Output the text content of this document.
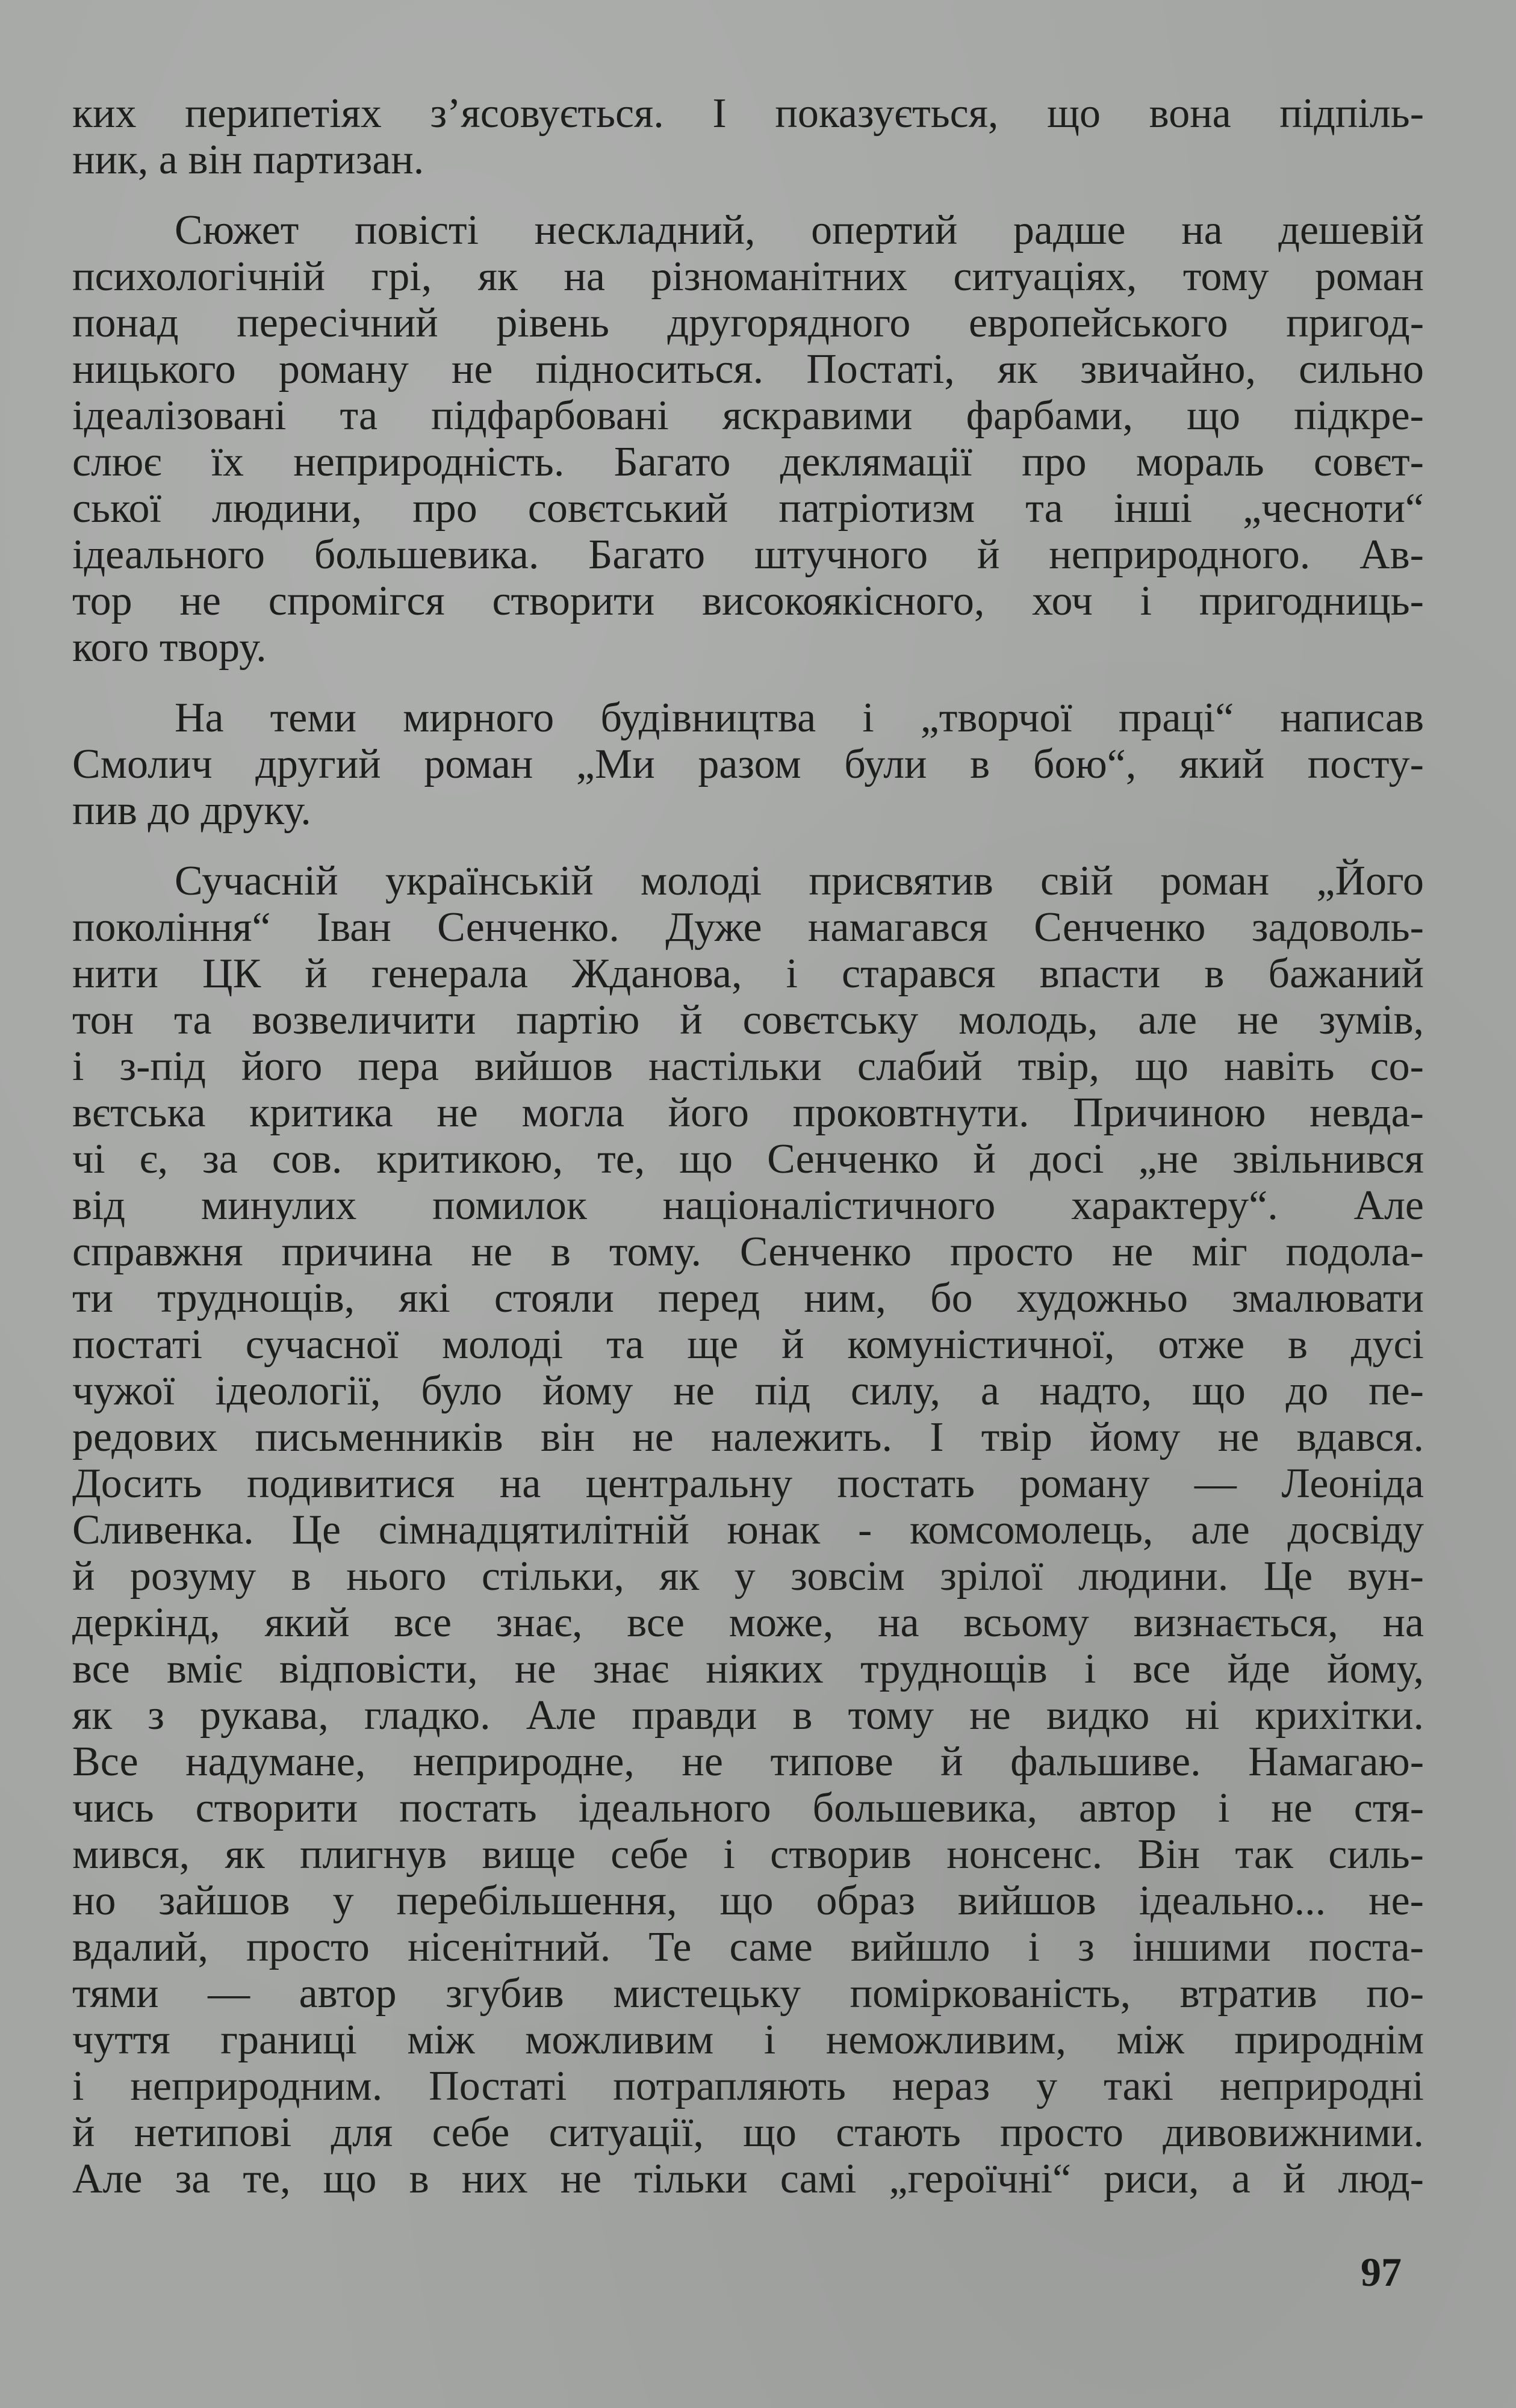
ких перипетіях з’ясовується. І показується, що вона підпіль-
ник, а він партизан.
Сюжет повісті нескладний, опертий радше на дешевій
психологічній грі, як на різноманітних ситуаціях, тому роман
понад пересічний рівень другорядного европейського пригод-
ницького роману не підноситься. Постаті, як звичайно, сильно
ідеалізовані та підфарбовані яскравими фарбами, що підкре-
слює їх неприродність. Багато деклямації про мораль совєт-
ської людини, про совєтський патріотизм та інші „чесноти“
ідеального большевика. Багато штучного й неприродного. Ав-
тор не спромігся створити високоякісного, хоч і пригодниць-
кого твору.
На теми мирного будівництва і „творчої праці“ написав
Смолич другий роман „Ми разом були в бою“, який посту-
пив до друку.
Сучасній українській молоді присвятив свій роман „Його
покоління“ Іван Сенченко. Дуже намагався Сенченко задоволь-
нити ЦК й генерала Жданова, і старався впасти в бажаний
тон та возвеличити партію й совєтську молодь, але не зумів,
і з-під його пера вийшов настільки слабий твір, що навіть со-
вєтська критика не могла його проковтнути. Причиною невда-
чі є, за сов. критикою, те, що Сенченко й досі „не звільнився
від минулих помилок націоналістичного характеру“. Але
справжня причина не в тому. Сенченко просто не міг подола-
ти труднощів, які стояли перед ним, бо художньо змалювати
постаті сучасної молоді та ще й комуністичної, отже в дусі
чужої ідеології, було йому не під силу, а надто, що до пе-
редових письменників він не належить. І твір йому не вдався.
Досить подивитися на центральну постать роману — Леоніда
Сливенка. Це сімнадцятилітній юнак - комсомолець, але досвіду
й розуму в нього стільки, як у зовсім зрілої людини. Це вун-
деркінд, який все знає, все може, на всьому визнається, на
все вміє відповісти, не знає ніяких труднощів і все йде йому,
як з рукава, гладко. Але правди в тому не видко ні крихітки.
Все надумане, неприродне, не типове й фальшиве. Намагаю-
чись створити постать ідеального большевика, автор і не стя-
мився, як плигнув вище себе і створив нонсенс. Він так силь-
но зайшов у перебільшення, що образ вийшов ідеально... не-
вдалий, просто нісенітний. Те саме вийшло і з іншими поста-
тями — автор згубив мистецьку поміркованість, втратив по-
чуття границі між можливим і неможливим, між природнім
і неприродним. Постаті потрапляють нераз у такі неприродні
й нетипові для себе ситуації, що стають просто дивовижними.
Але за те, що в них не тільки самі „героїчні“ риси, а й люд-
97
